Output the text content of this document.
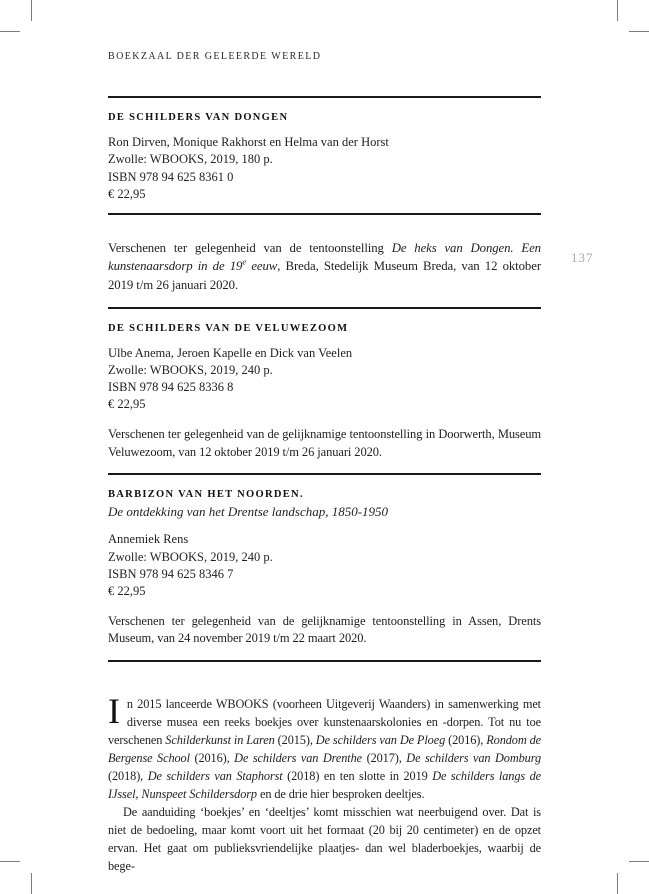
137
BOEKZAAL DER GELEERDE WERELD
DE SCHILDERS VAN DONGEN
Ron Dirven, Monique Rakhorst en Helma van der Horst
Zwolle: WBOOKS, 2019, 180 p.
ISBN 978 94 625 8361 0
€ 22,95

Verschenen ter gelegenheid van de tentoonstelling De heks van Dongen. Een kunstenaarsdorp in de 19e eeuw, Breda, Stedelijk Museum Breda, van 12 oktober 2019 t/m 26 januari 2020.

DE SCHILDERS VAN DE VELUWEZOOM
Ulbe Anema, Jeroen Kapelle en Dick van Veelen
Zwolle: WBOOKS, 2019, 240 p.
ISBN 978 94 625 8336 8
€ 22,95

Verschenen ter gelegenheid van de gelijknamige tentoonstelling in Doorwerth, Museum Veluwezoom, van 12 oktober 2019 t/m 26 januari 2020.

BARBIZON VAN HET NOORDEN.
De ontdekking van het Drentse landschap, 1850-1950
Annemiek Rens
Zwolle: WBOOKS, 2019, 240 p.
ISBN 978 94 625 8346 7
€ 22,95

Verschenen ter gelegenheid van de gelijknamige tentoonstelling in Assen, Drents Museum, van 24 november 2019 t/m 22 maart 2020.

In 2015 lanceerde WBOOKS (voorheen Uitgeverij Waanders) in samenwerking met diverse musea een reeks boekjes over kunstenaarskolonies en -dorpen. Tot nu toe verschenen Schilderkunst in Laren (2015), De schilders van De Ploeg (2016), Rondom de Bergense School (2016), De schilders van Drenthe (2017), De schilders van Domburg (2018), De schilders van Staphorst (2018) en ten slotte in 2019 De schilders langs de IJssel, Nunspeet Schildersdorp en de drie hier besproken deeltjes.

De aanduiding ‘boekjes’ en ‘deeltjes’ komt misschien wat neerbuigend over. Dat is niet de bedoeling, maar komt voort uit het formaat (20 bij 20 centimeter) en de opzet ervan. Het gaat om publieksvriendelijke plaatjes- dan wel bladerboekjes, waarbij de bege-
